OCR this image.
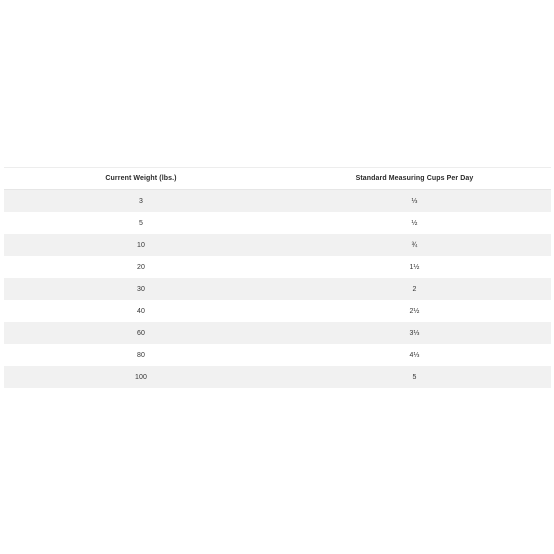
Current Weight (lbs.)	Standard Measuring Cups Per Day
3	⅓
5	½
10	¾
20	1½
30	2
40	2½
60	3⅓
80	4⅓
100	5
